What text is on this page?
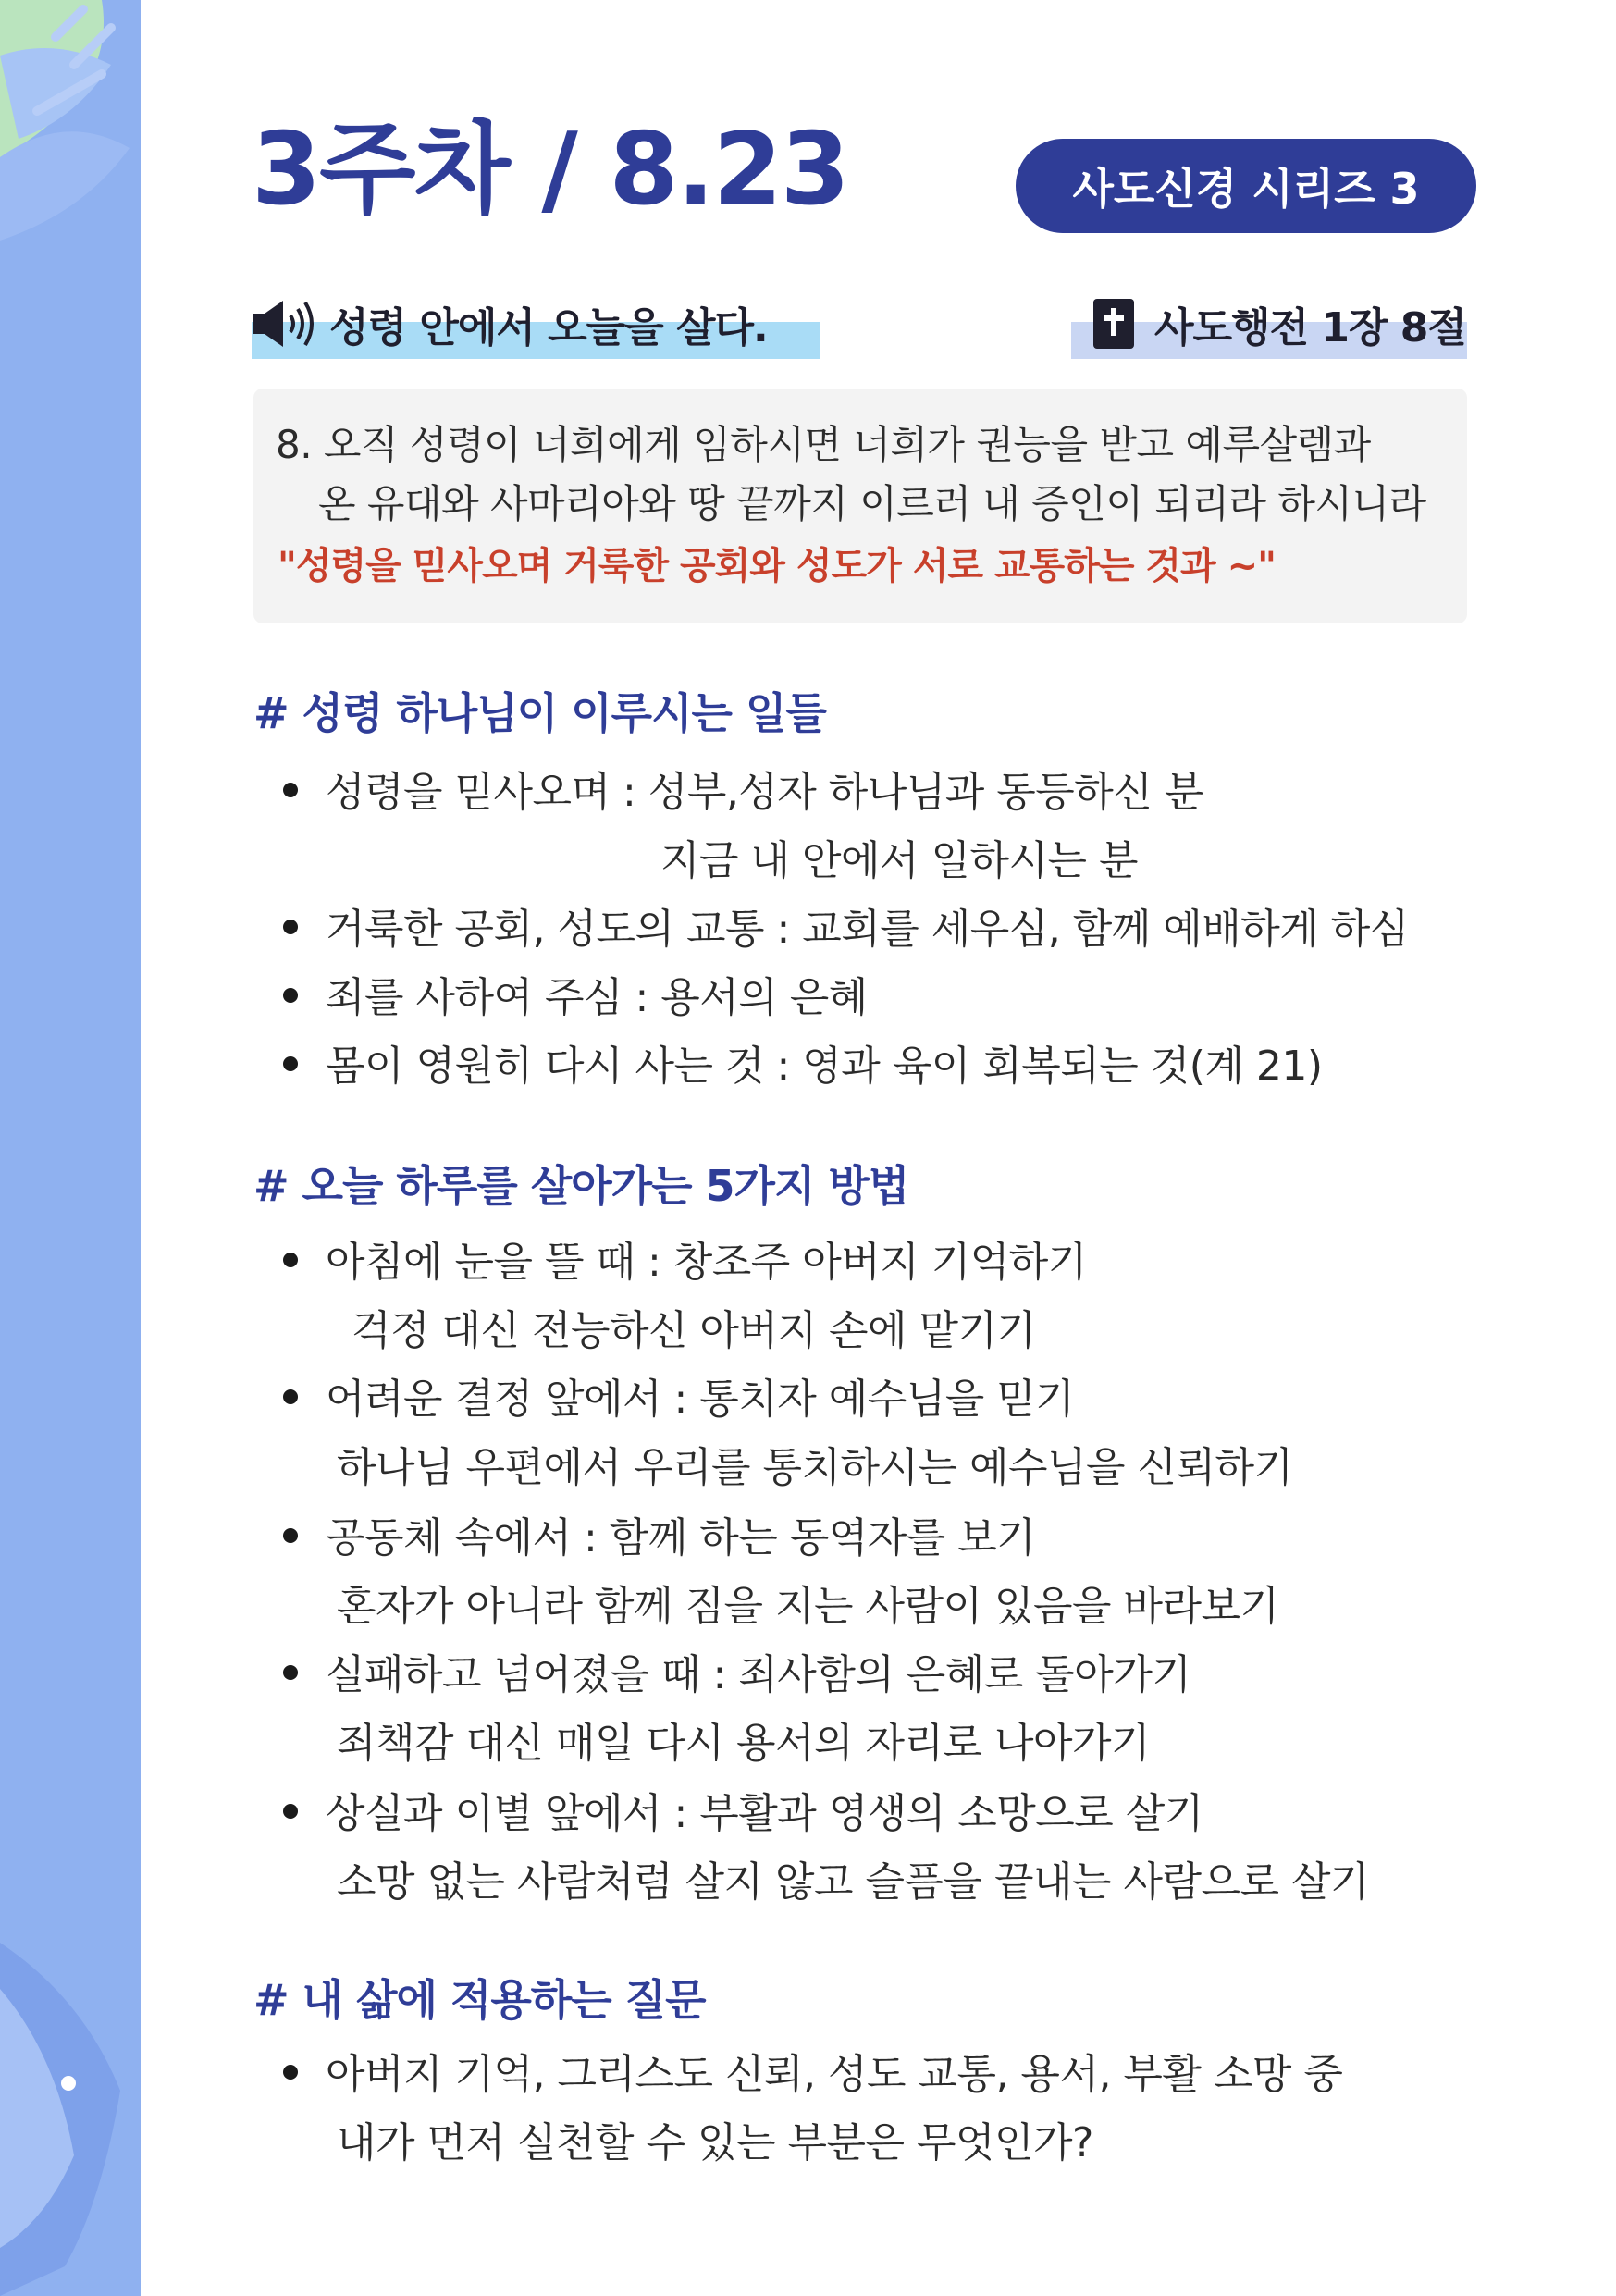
3주차 / 8.23	사도신경 시리즈 3
성령 안에서 오늘을 살다.	사도행전 1장 8절
8. 오직 성령이 너희에게 임하시면 너희가 권능을 받고 예루살렘과
온 유대와 사마리아와 땅 끝까지 이르러 내 증인이 되리라 하시니라
"성령을 믿사오며 거룩한 공회와 성도가 서로 교통하는 것과 ~"
# 성령 하나님이 이루시는 일들
성령을 믿사오며 : 성부,성자 하나님과 동등하신 분
지금 내 안에서 일하시는 분
거룩한 공회, 성도의 교통 : 교회를 세우심, 함께 예배하게 하심
죄를 사하여 주심 : 용서의 은혜
몸이 영원히 다시 사는 것 : 영과 육이 회복되는 것(계 21)
# 오늘 하루를 살아가는 5가지 방법
아침에 눈을 뜰 때 : 창조주 아버지 기억하기
걱정 대신 전능하신 아버지 손에 맡기기
어려운 결정 앞에서 : 통치자 예수님을 믿기
하나님 우편에서 우리를 통치하시는 예수님을 신뢰하기
공동체 속에서 : 함께 하는 동역자를 보기
혼자가 아니라 함께 짐을 지는 사람이 있음을 바라보기
실패하고 넘어졌을 때 : 죄사함의 은혜로 돌아가기
죄책감 대신 매일 다시 용서의 자리로 나아가기
상실과 이별 앞에서 : 부활과 영생의 소망으로 살기
소망 없는 사람처럼 살지 않고 슬픔을 끝내는 사람으로 살기
# 내 삶에 적용하는 질문
아버지 기억, 그리스도 신뢰, 성도 교통, 용서, 부활 소망 중
내가 먼저 실천할 수 있는 부분은 무엇인가?
